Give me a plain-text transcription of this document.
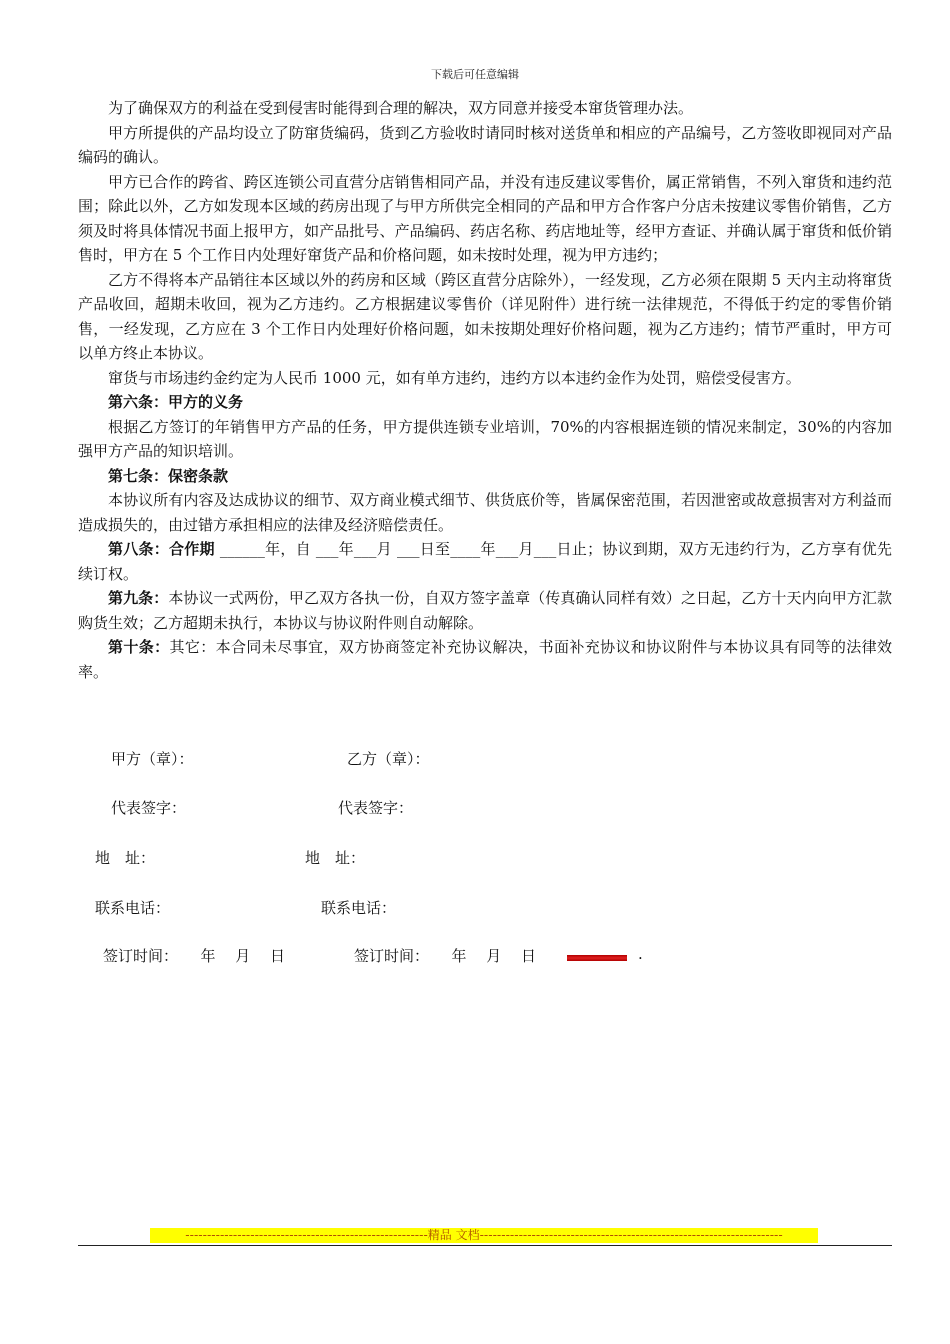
下载后可任意编辑

为了确保双方的利益在受到侵害时能得到合理的解决，双方同意并接受本窜货管理办法。

甲方所提供的产品均设立了防窜货编码，货到乙方验收时请同时核对送货单和相应的产品编号，乙方签收即视同对产品编码的确认。

甲方已合作的跨省、跨区连锁公司直营分店销售相同产品，并没有违反建议零售价，属正常销售，不列入窜货和违约范围；除此以外，乙方如发现本区域的药房出现了与甲方所供完全相同的产品和甲方合作客户分店未按建议零售价销售，乙方须及时将具体情况书面上报甲方，如产品批号、产品编码、药店名称、药店地址等，经甲方查证、并确认属于窜货和低价销售时，甲方在 5 个工作日内处理好窜货产品和价格问题，如未按时处理，视为甲方违约；

乙方不得将本产品销往本区域以外的药房和区域（跨区直营分店除外），一经发现，乙方必须在限期 5 天内主动将窜货产品收回，超期未收回，视为乙方违约。乙方根据建议零售价（详见附件）进行统一法律规范，不得低于约定的零售价销售，一经发现，乙方应在 3 个工作日内处理好价格问题，如未按期处理好价格问题，视为乙方违约；情节严重时，甲方可以单方终止本协议。

窜货与市场违约金约定为人民币 1000 元，如有单方违约，违约方以本违约金作为处罚，赔偿受侵害方。

第六条：甲方的义务

根据乙方签订的年销售甲方产品的任务，甲方提供连锁专业培训，70%的内容根据连锁的情况来制定，30%的内容加强甲方产品的知识培训。

第七条：保密条款

本协议所有内容及达成协议的细节、双方商业模式细节、供货底价等，皆属保密范围，若因泄密或故意损害对方利益而造成损失的，由过错方承担相应的法律及经济赔偿责任。

第八条：合作期 ______年，自 ___年___月 ___日至____年___月___日止；协议到期，双方无违约行为，乙方享有优先续订权。

第九条：本协议一式两份，甲乙双方各执一份，自双方签字盖章（传真确认同样有效）之日起，乙方十天内向甲方汇款购货生效；乙方超期未执行，本协议与协议附件则自动解除。

第十条：其它：本合同未尽事宜，双方协商签定补充协议解决，书面补充协议和协议附件与本协议具有同等的法律效率。

甲方（章）：	乙方（章）：
代表签字：	代表签字：
地　址：	地　址：
联系电话：	联系电话：
签订时间：　　年　 月　 日	签订时间：　　年　 月　 日	.
--------------------------------------------------------精品 文档----------------------------------------------------------------------
